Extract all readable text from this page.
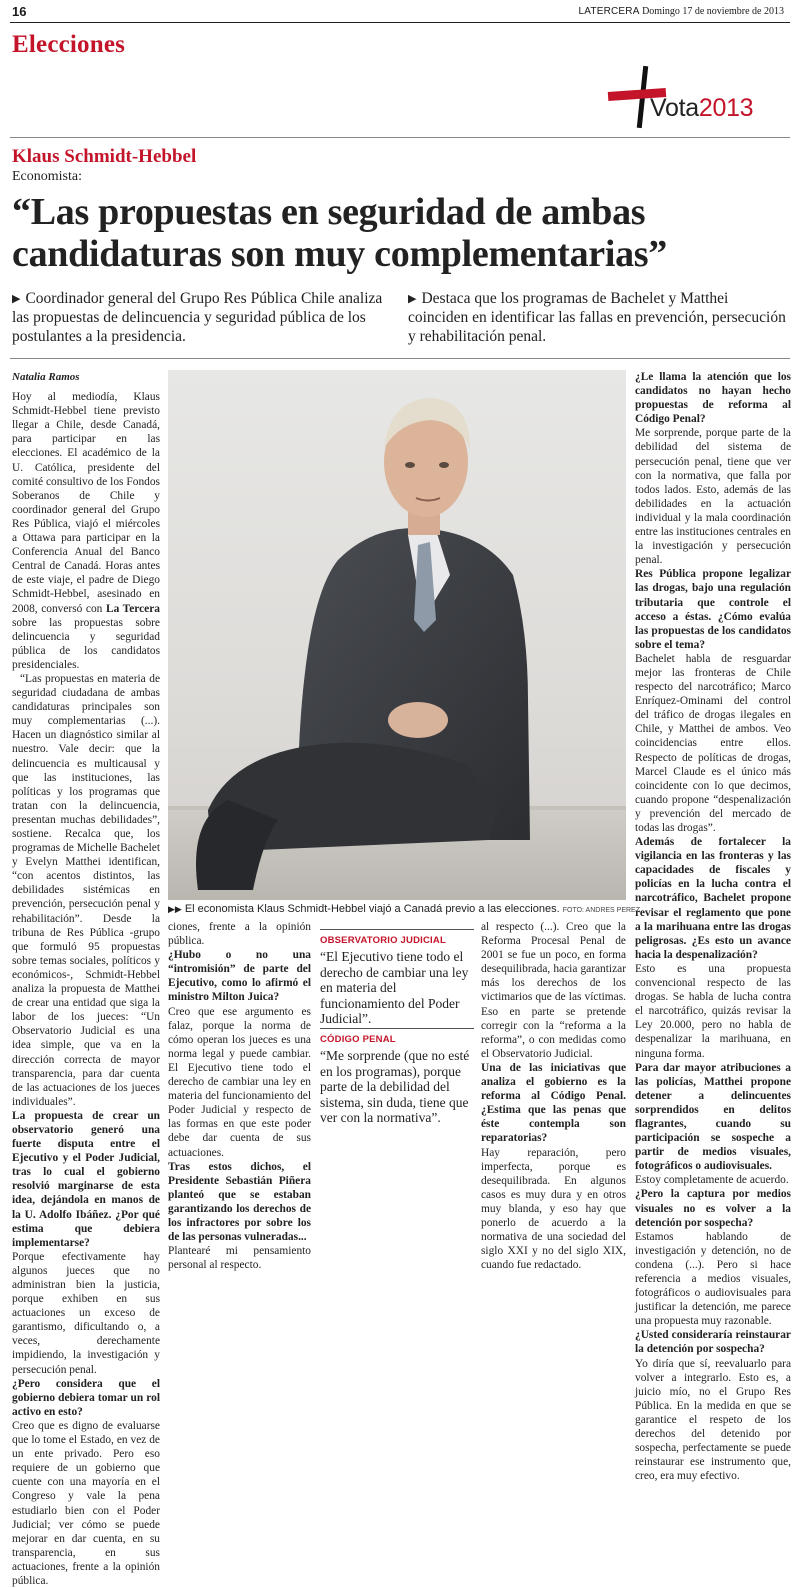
16	LATERCERA Domingo 17 de noviembre de 2013
Elecciones
Vota2013
Klaus Schmidt-Hebbel
Economista:
“Las propuestas en seguridad de ambas candidaturas son muy complementarias”
▶ Coordinador general del Grupo Res Pública Chile analiza las propuestas de delincuencia y seguridad pública de los postulantes a la presidencia.
▶ Destaca que los programas de Bachelet y Matthei coinciden en identificar las fallas en prevención, persecución y rehabilitación penal.

Natalia Ramos

Hoy al mediodía, Klaus Schmidt-Hebbel tiene previsto llegar a Chile, desde Canadá, para participar en las elecciones. El académico de la U. Católica, presidente del comité consultivo de los Fondos Soberanos de Chile y coordinador general del Grupo Res Pública, viajó el miércoles a Ottawa para participar en la Conferencia Anual del Banco Central de Canadá. Horas antes de este viaje, el padre de Diego Schmidt-Hebbel, asesinado en 2008, conversó con La Tercera sobre las propuestas sobre delincuencia y seguridad pública de los candidatos presidenciales.

“Las propuestas en materia de seguridad ciudadana de ambas candidaturas principales son muy complementarias (...). Hacen un diagnóstico similar al nuestro. Vale decir: que la delincuencia es multicausal y que las instituciones, las políticas y los programas que tratan con la delincuencia, presentan muchas debilidades”, sostiene. Recalca que, los programas de Michelle Bachelet y Evelyn Matthei identifican, “con acentos distintos, las debilidades sistémicas en prevención, persecución penal y rehabilitación”. Desde la tribuna de Res Pública -grupo que formuló 95 propuestas sobre temas sociales, políticos y económicos-, Schmidt-Hebbel analiza la propuesta de Matthei de crear una entidad que siga la labor de los jueces: “Un Observatorio Judicial es una idea simple, que va en la dirección correcta de mayor transparencia, para dar cuenta de las actuaciones de los jueces individuales”.

La propuesta de crear un observatorio generó una fuerte disputa entre el Ejecutivo y el Poder Judicial, tras lo cual el gobierno resolvió marginarse de esta idea, dejándola en manos de la U. Adolfo Ibáñez. ¿Por qué estima que debiera implementarse?

Porque efectivamente hay algunos jueces que no administran bien la justicia, porque exhiben en sus actuaciones un exceso de garantismo, dificultando o, a veces, derechamente impidiendo, la investigación y persecución penal.

¿Pero considera que el gobierno debiera tomar un rol activo en esto?

Creo que es digno de evaluarse que lo tome el Estado, en vez de un ente privado. Pero eso requiere de un gobierno que cuente con una mayoría en el Congreso y vale la pena estudiarlo bien con el Poder Judicial; ver cómo se puede mejorar en dar cuenta, en su transparencia, en sus actuaciones, frente a la opinión pública.

▶▶ El economista Klaus Schmidt-Hebbel viajó a Canadá previo a las elecciones. FOTO: ANDRES PEREZ

ciones, frente a la opinión pública.

¿Hubo o no una “intromisión” de parte del Ejecutivo, como lo afirmó el ministro Milton Juica?

Creo que ese argumento es falaz, porque la norma de cómo operan los jueces es una norma legal y puede cambiar. El Ejecutivo tiene todo el derecho de cambiar una ley en materia del funcionamiento del Poder Judicial y respecto de las formas en que este poder debe dar cuenta de sus actuaciones.

Tras estos dichos, el Presidente Sebastián Piñera planteó que se estaban garantizando los derechos de los infractores por sobre los de las personas vulneradas...

Plantearé mi pensamiento personal al respecto.

OBSERVATORIO JUDICIAL
“El Ejecutivo tiene todo el derecho de cambiar una ley en materia del funcionamiento del Poder Judicial”.
CÓDIGO PENAL
“Me sorprende (que no esté en los programas), porque parte de la debilidad del sistema, sin duda, tiene que ver con la normativa”.

al respecto (...). Creo que la Reforma Procesal Penal de 2001 se fue un poco, en forma desequilibrada, hacia garantizar más los derechos de los victimarios que de las víctimas. Eso en parte se pretende corregir con la “reforma a la reforma”, o con medidas como el Observatorio Judicial.

Una de las iniciativas que analiza el gobierno es la reforma al Código Penal. ¿Estima que las penas que éste contempla son reparatorias?

Hay reparación, pero imperfecta, porque es desequilibrada. En algunos casos es muy dura y en otros muy blanda, y eso hay que ponerlo de acuerdo a la normativa de una sociedad del siglo XXI y no del siglo XIX, cuando fue redactado.

¿Le llama la atención que los candidatos no hayan hecho propuestas de reforma al Código Penal?

Me sorprende, porque parte de la debilidad del sistema de persecución penal, tiene que ver con la normativa, que falla por todos lados. Esto, además de las debilidades en la actuación individual y la mala coordinación entre las instituciones centrales en la investigación y persecución penal.

Res Pública propone legalizar las drogas, bajo una regulación tributaria que controle el acceso a éstas. ¿Cómo evalúa las propuestas de los candidatos sobre el tema?

Bachelet habla de resguardar mejor las fronteras de Chile respecto del narcotráfico; Marco Enríquez-Ominami del control del tráfico de drogas ilegales en Chile, y Matthei de ambos. Veo coincidencias entre ellos. Respecto de políticas de drogas, Marcel Claude es el único más coincidente con lo que decimos, cuando propone “despenalización y prevención del mercado de todas las drogas”.

Además de fortalecer la vigilancia en las fronteras y las capacidades de fiscales y policías en la lucha contra el narcotráfico, Bachelet propone revisar el reglamento que pone a la marihuana entre las drogas peligrosas. ¿Es esto un avance hacia la despenalización?

Esto es una propuesta convencional respecto de las drogas. Se habla de lucha contra el narcotráfico, quizás revisar la Ley 20.000, pero no habla de despenalizar la marihuana, en ninguna forma.

Para dar mayor atribuciones a las policías, Matthei propone detener a delincuentes sorprendidos en delitos flagrantes, cuando su participación se sospeche a partir de medios visuales, fotográficos o audiovisuales.

Estoy completamente de acuerdo.

¿Pero la captura por medios visuales no es volver a la detención por sospecha?

Estamos hablando de investigación y detención, no de condena (...). Pero si hace referencia a medios visuales, fotográficos o audiovisuales para justificar la detención, me parece una propuesta muy razonable.

¿Usted consideraría reinstaurar la detención por sospecha?

Yo diría que sí, reevaluarlo para volver a integrarlo. Esto es, a juicio mío, no el Grupo Res Pública. En la medida en que se garantice el respeto de los derechos del detenido por sospecha, perfectamente se puede reinstaurar ese instrumento que, creo, era muy efectivo.
